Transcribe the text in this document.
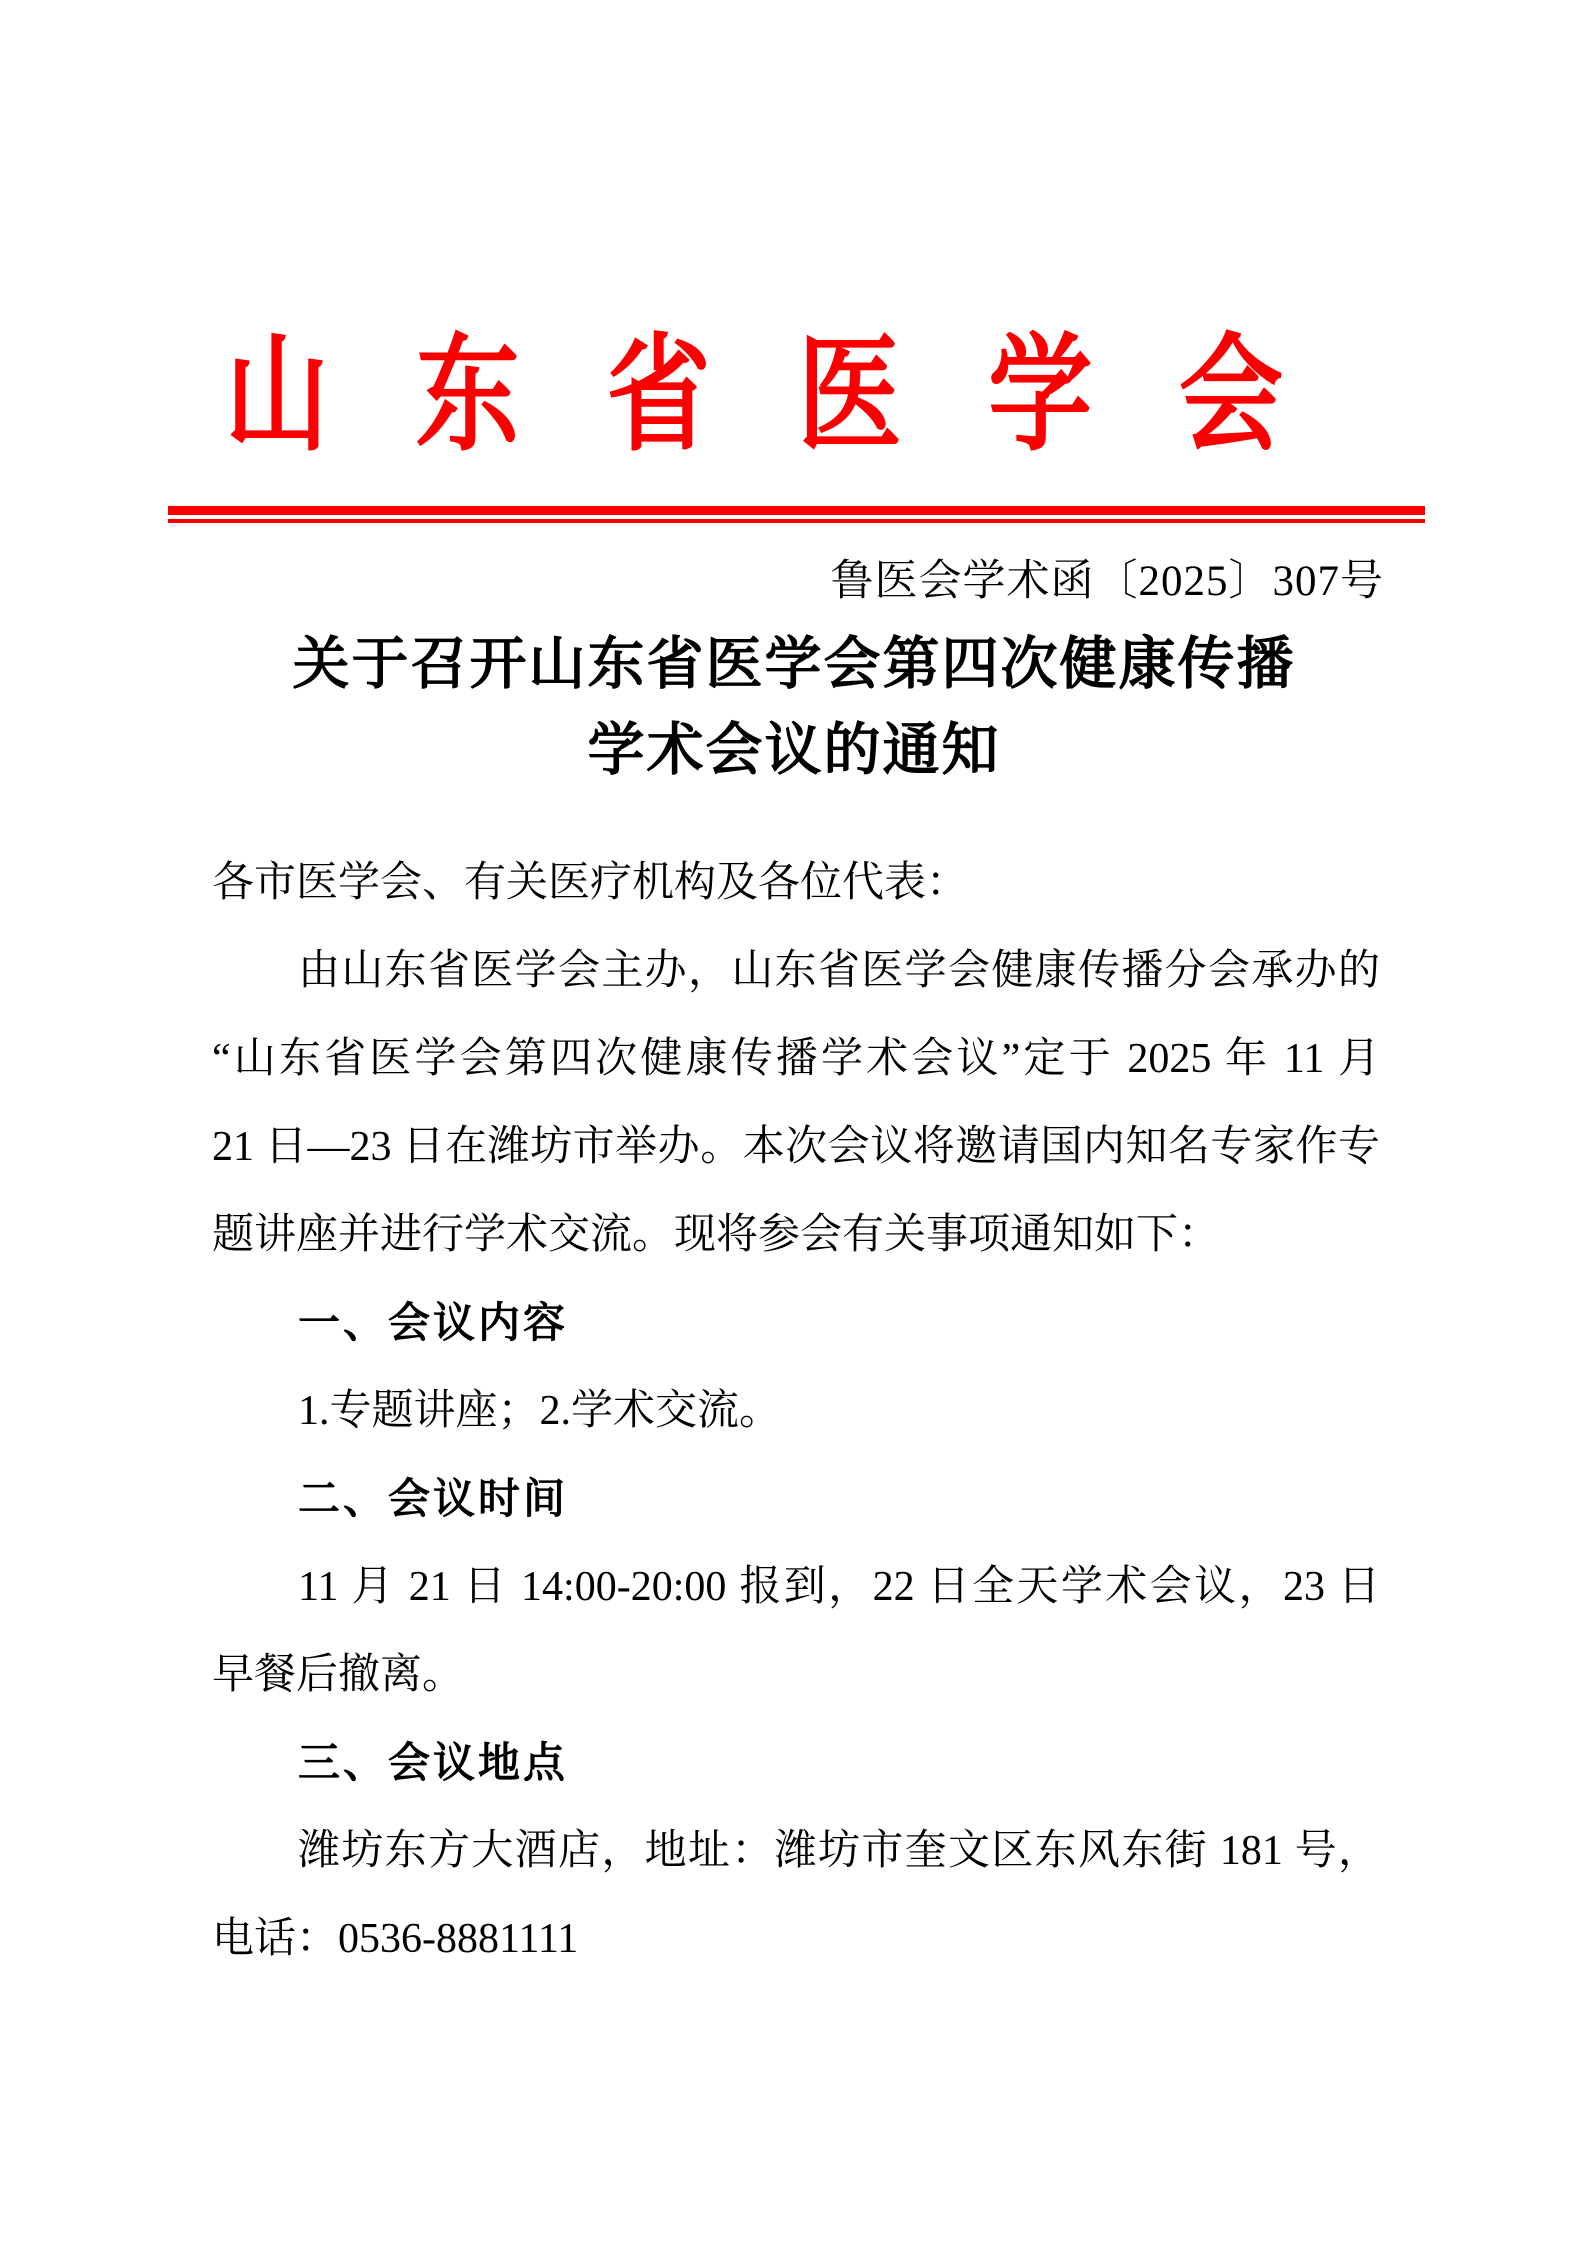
山 东 省 医 学 会
鲁医会学术函〔2025〕307号
关于召开山东省医学会第四次健康传播
学术会议的通知
各市医学会、有关医疗机构及各位代表：
由山东省医学会主办，山东省医学会健康传播分会承办的
“山东省医学会第四次健康传播学术会议”定于 2025 年 11 月
21 日—23 日在潍坊市举办。本次会议将邀请国内知名专家作专
题讲座并进行学术交流。现将参会有关事项通知如下：
一、会议内容
1.专题讲座；2.学术交流。
二、会议时间
11 月 21 日 14:00-20:00 报到，22 日全天学术会议，23 日
早餐后撤离。
三、会议地点
潍坊东方大酒店，地址：潍坊市奎文区东风东街 181 号，
电话：0536-8881111
